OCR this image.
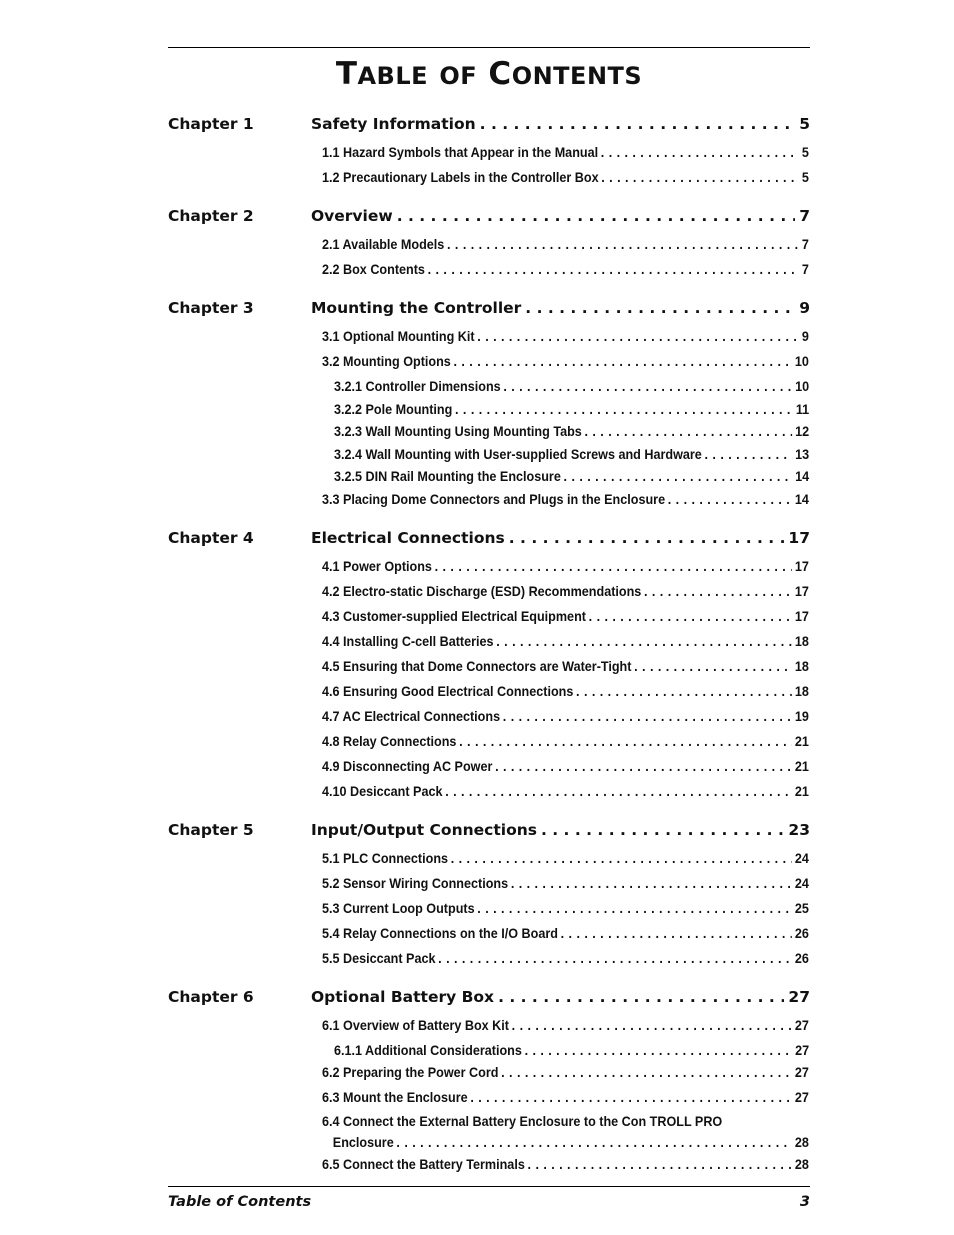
TABLE OF CONTENTS
Chapter 1	Safety Information . . .	5
1.1 Hazard Symbols that Appear in the Manual . . .	5
1.2 Precautionary Labels in the Controller Box . . .	5
Chapter 2	Overview . . .	7
2.1 Available Models . . .	7
2.2 Box Contents . . .	7
Chapter 3	Mounting the Controller . . .	9
3.1 Optional Mounting Kit . . .	9
3.2 Mounting Options . . .	10
3.2.1 Controller Dimensions . . .	10
3.2.2 Pole Mounting . . .	11
3.2.3 Wall Mounting Using Mounting Tabs . . .	12
3.2.4 Wall Mounting with User-supplied Screws and Hardware . . .	13
3.2.5 DIN Rail Mounting the Enclosure . . .	14
3.3 Placing Dome Connectors and Plugs in the Enclosure . . .	14
Chapter 4	Electrical Connections . . .	17
4.1 Power Options . . .	17
4.2 Electro-static Discharge (ESD) Recommendations . . .	17
4.3 Customer-supplied Electrical Equipment . . .	17
4.4 Installing C-cell Batteries . . .	18
4.5 Ensuring that Dome Connectors are Water-Tight . . .	18
4.6 Ensuring Good Electrical Connections . . .	18
4.7 AC Electrical Connections . . .	19
4.8 Relay Connections . . .	21
4.9 Disconnecting AC Power . . .	21
4.10 Desiccant Pack . . .	21
Chapter 5	Input/Output Connections . . .	23
5.1 PLC Connections . . .	24
5.2 Sensor Wiring Connections . . .	24
5.3 Current Loop Outputs . . .	25
5.4 Relay Connections on the I/O Board . . .	26
5.5 Desiccant Pack . . .	26
Chapter 6	Optional Battery Box . . .	27
6.1 Overview of Battery Box Kit . . .	27
6.1.1 Additional Considerations . . .	27
6.2 Preparing the Power Cord . . .	27
6.3 Mount the Enclosure . . .	27
6.4 Connect the External Battery Enclosure to the Con TROLL PRO
Enclosure . . .	28
6.5 Connect the Battery Terminals . . .	28
Table of Contents	3
